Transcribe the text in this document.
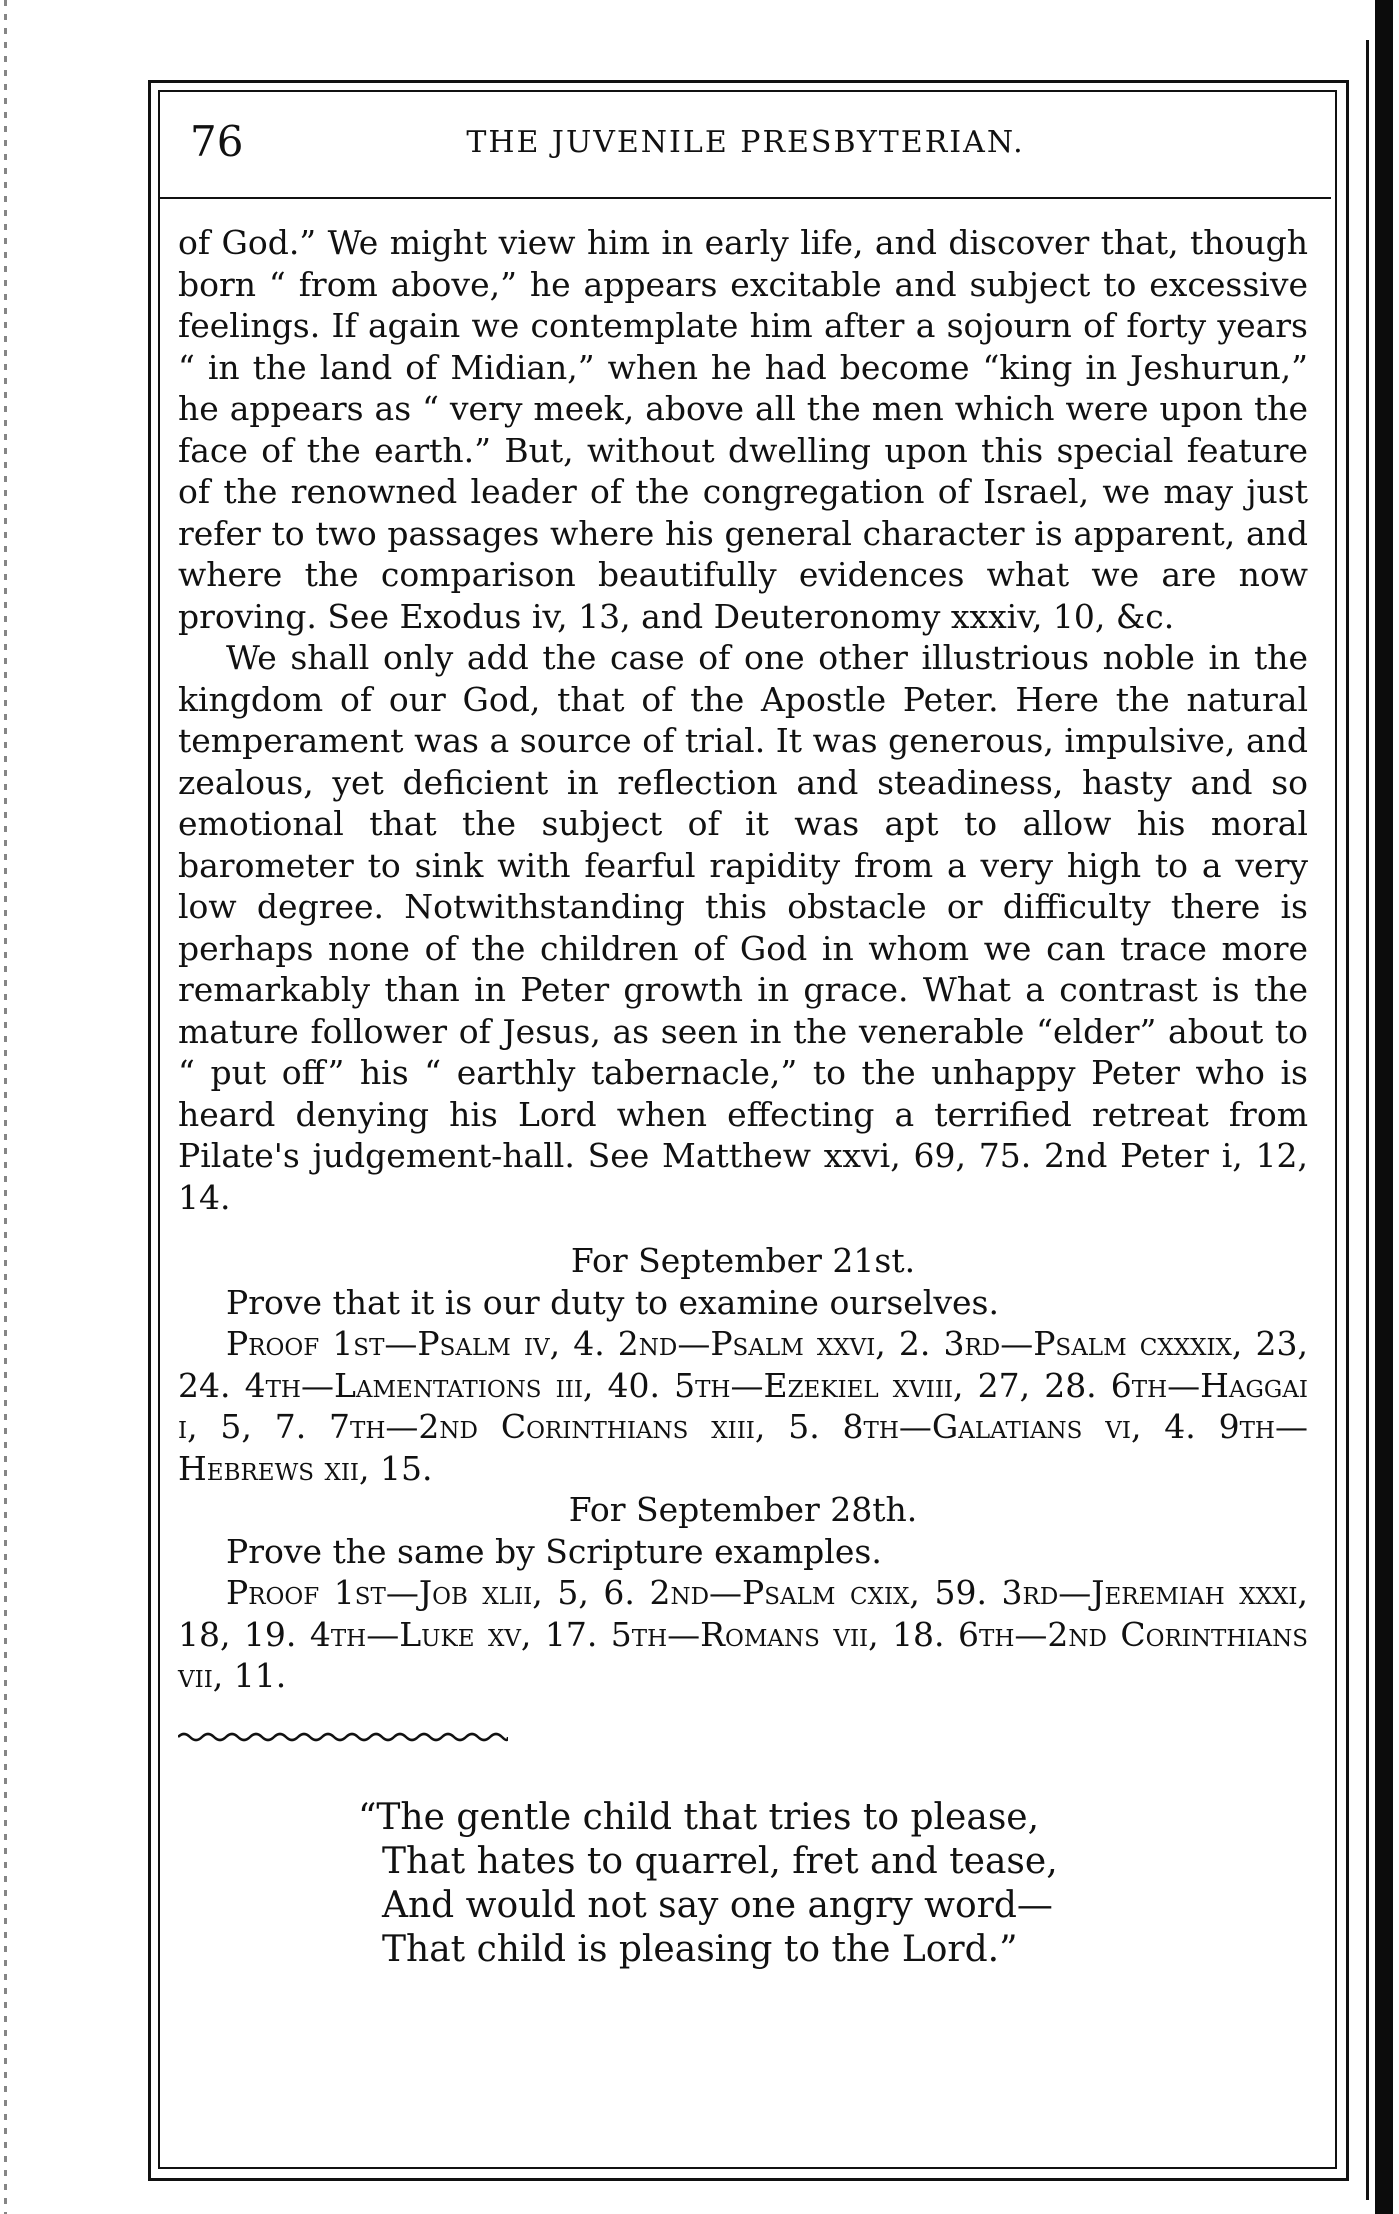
76	THE JUVENILE PRESBYTERIAN.

of God.” We might view him in early life, and discover that, though born “ from above,” he appears excitable and subject to excessive feelings. If again we contemplate him after a sojourn of forty years “ in the land of Midian,” when he had become “king in Jeshurun,” he appears as “ very meek, above all the men which were upon the face of the earth.” But, without dwelling upon this special feature of the renowned leader of the congregation of Israel, we may just refer to two passages where his general character is apparent, and where the comparison beautifully evidences what we are now proving. See Exodus iv, 13, and Deuteronomy xxxiv, 10, &c.

We shall only add the case of one other illustrious noble in the kingdom of our God, that of the Apostle Peter. Here the natural temperament was a source of trial. It was generous, impulsive, and zealous, yet deficient in reflection and steadiness, hasty and so emotional that the subject of it was apt to allow his moral barometer to sink with fearful rapidity from a very high to a very low degree. Notwithstanding this obstacle or difficulty there is perhaps none of the children of God in whom we can trace more remarkably than in Peter growth in grace. What a contrast is the mature follower of Jesus, as seen in the venerable “elder” about to “ put off” his “ earthly tabernacle,” to the unhappy Peter who is heard denying his Lord when effecting a terrified retreat from Pilate's judgement-hall. See Matthew xxvi, 69, 75. 2nd Peter i, 12, 14.

For September 21st.

Prove that it is our duty to examine ourselves.

Proof 1st—Psalm iv, 4. 2nd—Psalm xxvi, 2. 3rd—Psalm cxxxix, 23, 24. 4th—Lamentations iii, 40. 5th—Ezekiel xviii, 27, 28. 6th—Haggai i, 5, 7. 7th—2nd Corinthians xiii, 5. 8th—Galatians vi, 4. 9th—Hebrews xii, 15.

For September 28th.

Prove the same by Scripture examples.

Proof 1st—Job xlii, 5, 6. 2nd—Psalm cxix, 59. 3rd—Jeremiah xxxi, 18, 19. 4th—Luke xv, 17. 5th—Romans vii, 18. 6th—2nd Corinthians vii, 11.

“The gentle child that tries to please,
That hates to quarrel, fret and tease,
And would not say one angry word—
That child is pleasing to the Lord.”
